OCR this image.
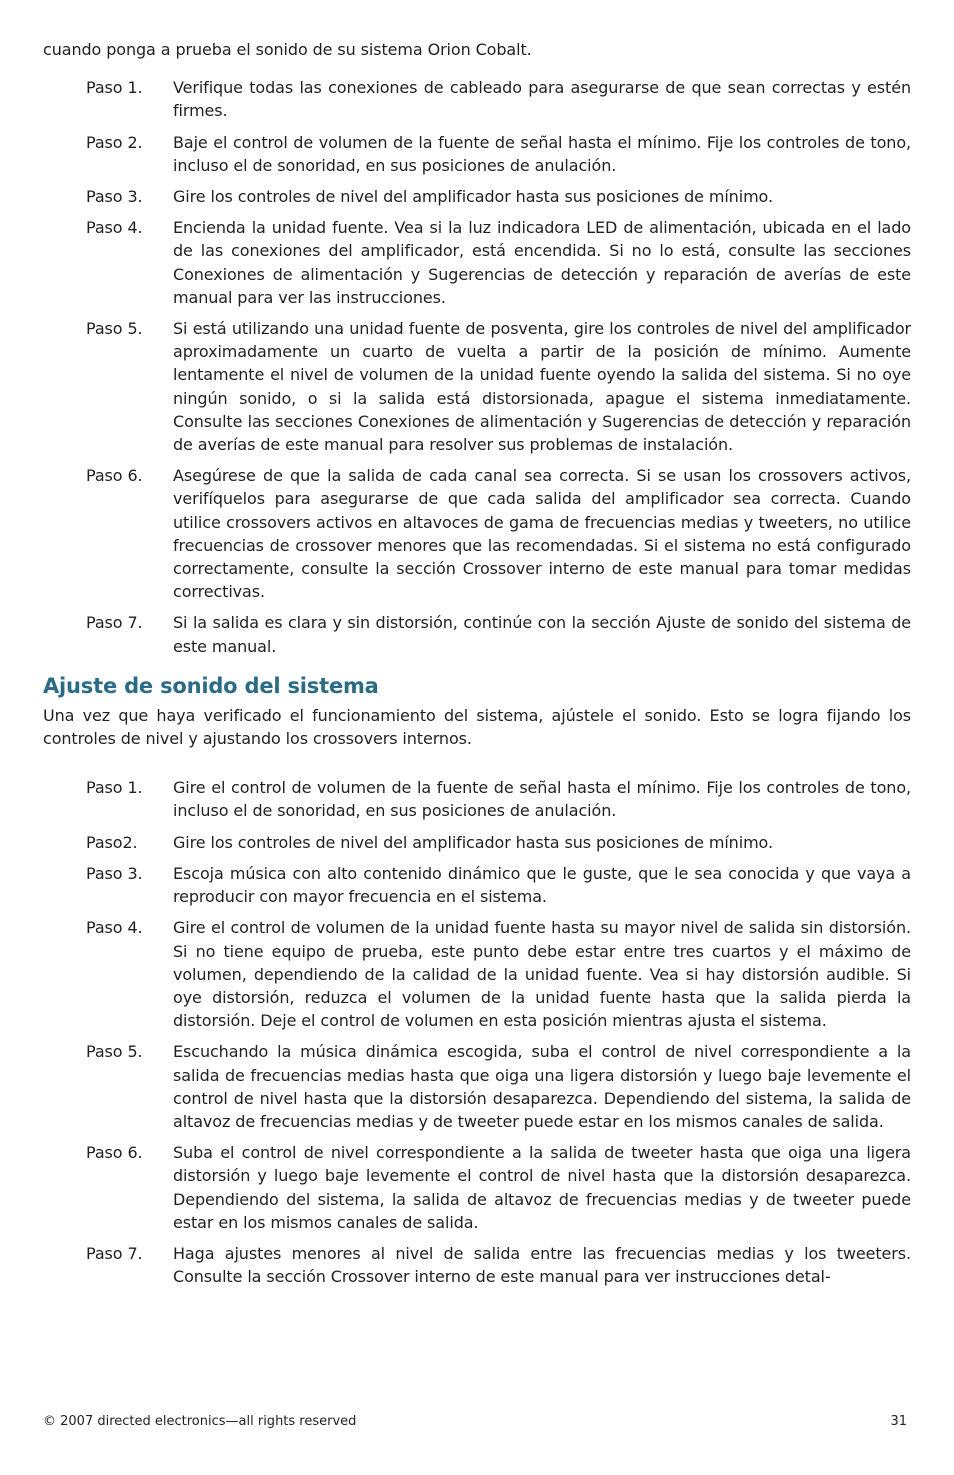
cuando ponga a prueba el sonido de su sistema Orion Cobalt.

Paso 1.	Verifique todas las conexiones de cableado para asegurarse de que sean correctas y estén firmes.
Paso 2.	Baje el control de volumen de la fuente de señal hasta el mínimo. Fije los controles de tono, incluso el de sonoridad, en sus posiciones de anulación.
Paso 3.	Gire los controles de nivel del amplificador hasta sus posiciones de mínimo.
Paso 4.	Encienda la unidad fuente. Vea si la luz indicadora LED de alimentación, ubicada en el lado de las conexiones del amplificador, está encendida. Si no lo está, consulte las secciones Conexiones de alimentación y Sugerencias de detección y reparación de averías de este manual para ver las instrucciones.
Paso 5.	Si está utilizando una unidad fuente de posventa, gire los controles de nivel del amplificador aproximadamente un cuarto de vuelta a partir de la posición de mínimo. Aumente lentamente el nivel de volumen de la unidad fuente oyendo la salida del sistema. Si no oye ningún sonido, o si la salida está distorsionada, apague el sistema inmediatamente. Consulte las secciones Conexiones de alimentación y Sugerencias de detección y reparación de averías de este manual para resolver sus problemas de instalación.
Paso 6.	Asegúrese de que la salida de cada canal sea correcta. Si se usan los crossovers activos, verifíquelos para asegurarse de que cada salida del amplificador sea correcta. Cuando utilice crossovers activos en altavoces de gama de frecuencias medias y tweeters, no utilice frecuencias de crossover menores que las recomendadas. Si el sistema no está configurado correctamente, consulte la sección Crossover interno de este manual para tomar medidas correctivas.
Paso 7.	Si la salida es clara y sin distorsión, continúe con la sección Ajuste de sonido del sistema de este manual.
Ajuste de sonido del sistema

Una vez que haya verificado el funcionamiento del sistema, ajústele el sonido. Esto se logra fijando los controles de nivel y ajustando los crossovers internos.

Paso 1.	Gire el control de volumen de la fuente de señal hasta el mínimo. Fije los controles de tono, incluso el de sonoridad, en sus posiciones de anulación.
Paso2.	Gire los controles de nivel del amplificador hasta sus posiciones de mínimo.
Paso 3.	Escoja música con alto contenido dinámico que le guste, que le sea conocida y que vaya a reproducir con mayor frecuencia en el sistema.
Paso 4.	Gire el control de volumen de la unidad fuente hasta su mayor nivel de salida sin distorsión. Si no tiene equipo de prueba, este punto debe estar entre tres cuartos y el máximo de volumen, dependiendo de la calidad de la unidad fuente. Vea si hay distorsión audible. Si oye distorsión, reduzca el volumen de la unidad fuente hasta que la salida pierda la distorsión. Deje el control de volumen en esta posición mientras ajusta el sistema.
Paso 5.	Escuchando la música dinámica escogida, suba el control de nivel correspondiente a la salida de frecuencias medias hasta que oiga una ligera distorsión y luego baje levemente el control de nivel hasta que la distorsión desaparezca. Dependiendo del sistema, la salida de altavoz de frecuencias medias y de tweeter puede estar en los mismos canales de salida.
Paso 6.	Suba el control de nivel correspondiente a la salida de tweeter hasta que oiga una ligera distorsión y luego baje levemente el control de nivel hasta que la distorsión desaparezca. Dependiendo del sistema, la salida de altavoz de frecuencias medias y de tweeter puede estar en los mismos canales de salida.
Paso 7.	Haga ajustes menores al nivel de salida entre las frecuencias medias y los tweeters. Consulte la sección Crossover interno de este manual para ver instrucciones detal-
© 2007 directed electronics—all rights reserved	31
